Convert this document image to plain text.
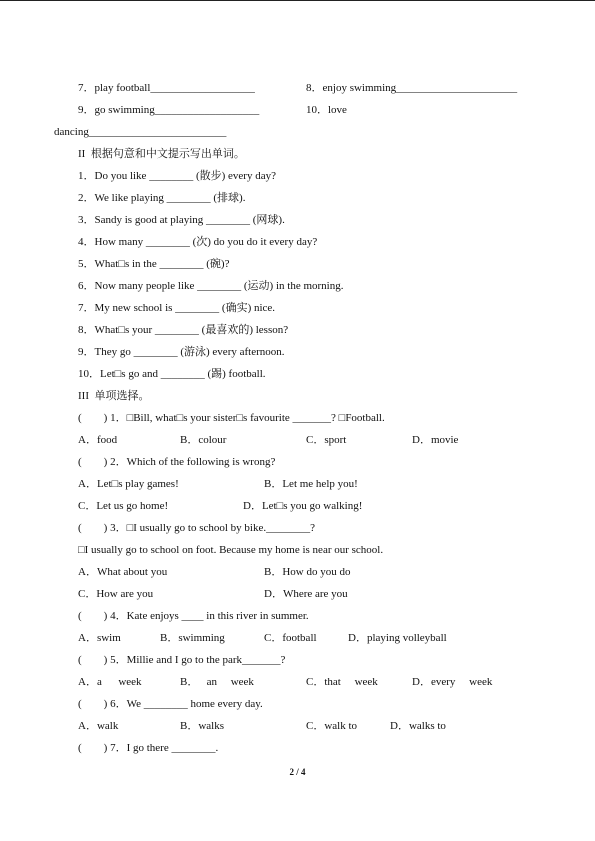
7．play football___________________	8．enjoy swimming______________________
9．go swimming___________________	10．love
dancing_________________________
II  根据句意和中文提示写出单词。
1．Do you like ________ (散步) every day?
2．We like playing ________ (排球).
3．Sandy is good at playing ________ (网球).
4．How many ________ (次) do you do it every day?
5．What□s in the ________ (碗)?
6．Now many people like ________ (运动) in the morning.
7．My new school is ________ (确实) nice.
8．What□s your ________ (最喜欢的) lesson?
9．They go ________ (游泳) every afternoon.
10．Let□s go and ________ (踢) football.
III  单项选择。
(        ) 1．□Bill, what□s your sister□s favourite _______? □Football.
A．food	B．colour	C．sport	D．movie
(        ) 2．Which of the following is wrong?
A．Let□s play games!	B．Let me help you!
C．Let us go home!	D．Let□s you go walking!
(        ) 3．□I usually go to school by bike.________?
□I usually go to school on foot. Because my home is near our school.
A．What about you	B．How do you do
C．How are you	D．Where are you
(        ) 4．Kate enjoys ____ in this river in summer.
A．swim	B．swimming	C．football	D．playing volleyball
(        ) 5．Millie and I go to the park_______?
A．a      week	B．   an     week	C．that     week	D．every     week
(        ) 6．We ________ home every day.
A．walk	B．walks	C．walk to	D．walks to
(        ) 7．I go there ________.
2 / 4
